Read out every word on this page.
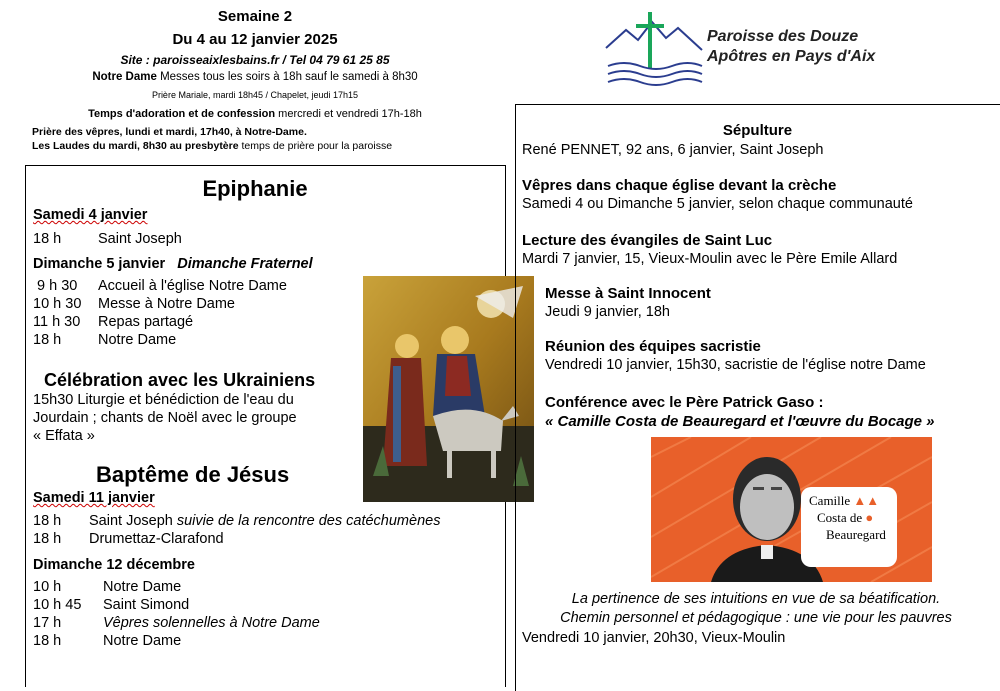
Semaine 2
Du 4 au 12 janvier 2025
Site : paroisseaixlesbains.fr / Tel 04 79 61 25 85
Notre Dame Messes tous les soirs à 18h sauf le samedi à 8h30
Prière Mariale, mardi 18h45 / Chapelet, jeudi 17h15
Temps d'adoration et de confession mercredi et vendredi 17h-18h
Prière des vêpres, lundi et mardi, 17h40, à Notre-Dame.
Les Laudes du mardi, 8h30 au presbytère temps de prière pour la paroisse
Paroisse des Douze
Apôtres en Pays d'Aix
Epiphanie
Samedi 4 janvier
18 h	Saint Joseph
Dimanche 5 janvier Dimanche Fraternel
9 h 30 Accueil à l'église Notre Dame
10 h 30 Messe à Notre Dame
11 h 30 Repas partagé
18 h	Notre Dame
Célébration avec les Ukrainiens
15h30 Liturgie et bénédiction de l'eau du
Jourdain ; chants de Noël avec le groupe
« Effata »
Baptême de Jésus
Samedi 11 janvier
18 h Saint Joseph suivie de la rencontre des catéchumènes
18 h Drumettaz-Clarafond
Dimanche 12 décembre
10 h	Notre Dame
10 h 45 Saint Simond
17 h	Vêpres solennelles à Notre Dame
18 h	Notre Dame
Sépulture
René PENNET, 92 ans, 6 janvier, Saint Joseph
Vêpres dans chaque église devant la crèche
Samedi 4 ou Dimanche 5 janvier, selon chaque communauté
Lecture des évangiles de Saint Luc
Mardi 7 janvier, 15, Vieux-Moulin avec le Père Emile Allard
Messe à Saint Innocent
Jeudi 9 janvier, 18h
Réunion des équipes sacristie
Vendredi 10 janvier, 15h30, sacristie de l'église notre Dame
Conférence avec le Père Patrick Gaso :
« Camille Costa de Beauregard et l'œuvre du Bocage »
Camille ▲▲
Costa de ●
Beauregard
La pertinence de ses intuitions en vue de sa béatification.
Chemin personnel et pédagogique : une vie pour les pauvres
Vendredi 10 janvier, 20h30, Vieux-Moulin
